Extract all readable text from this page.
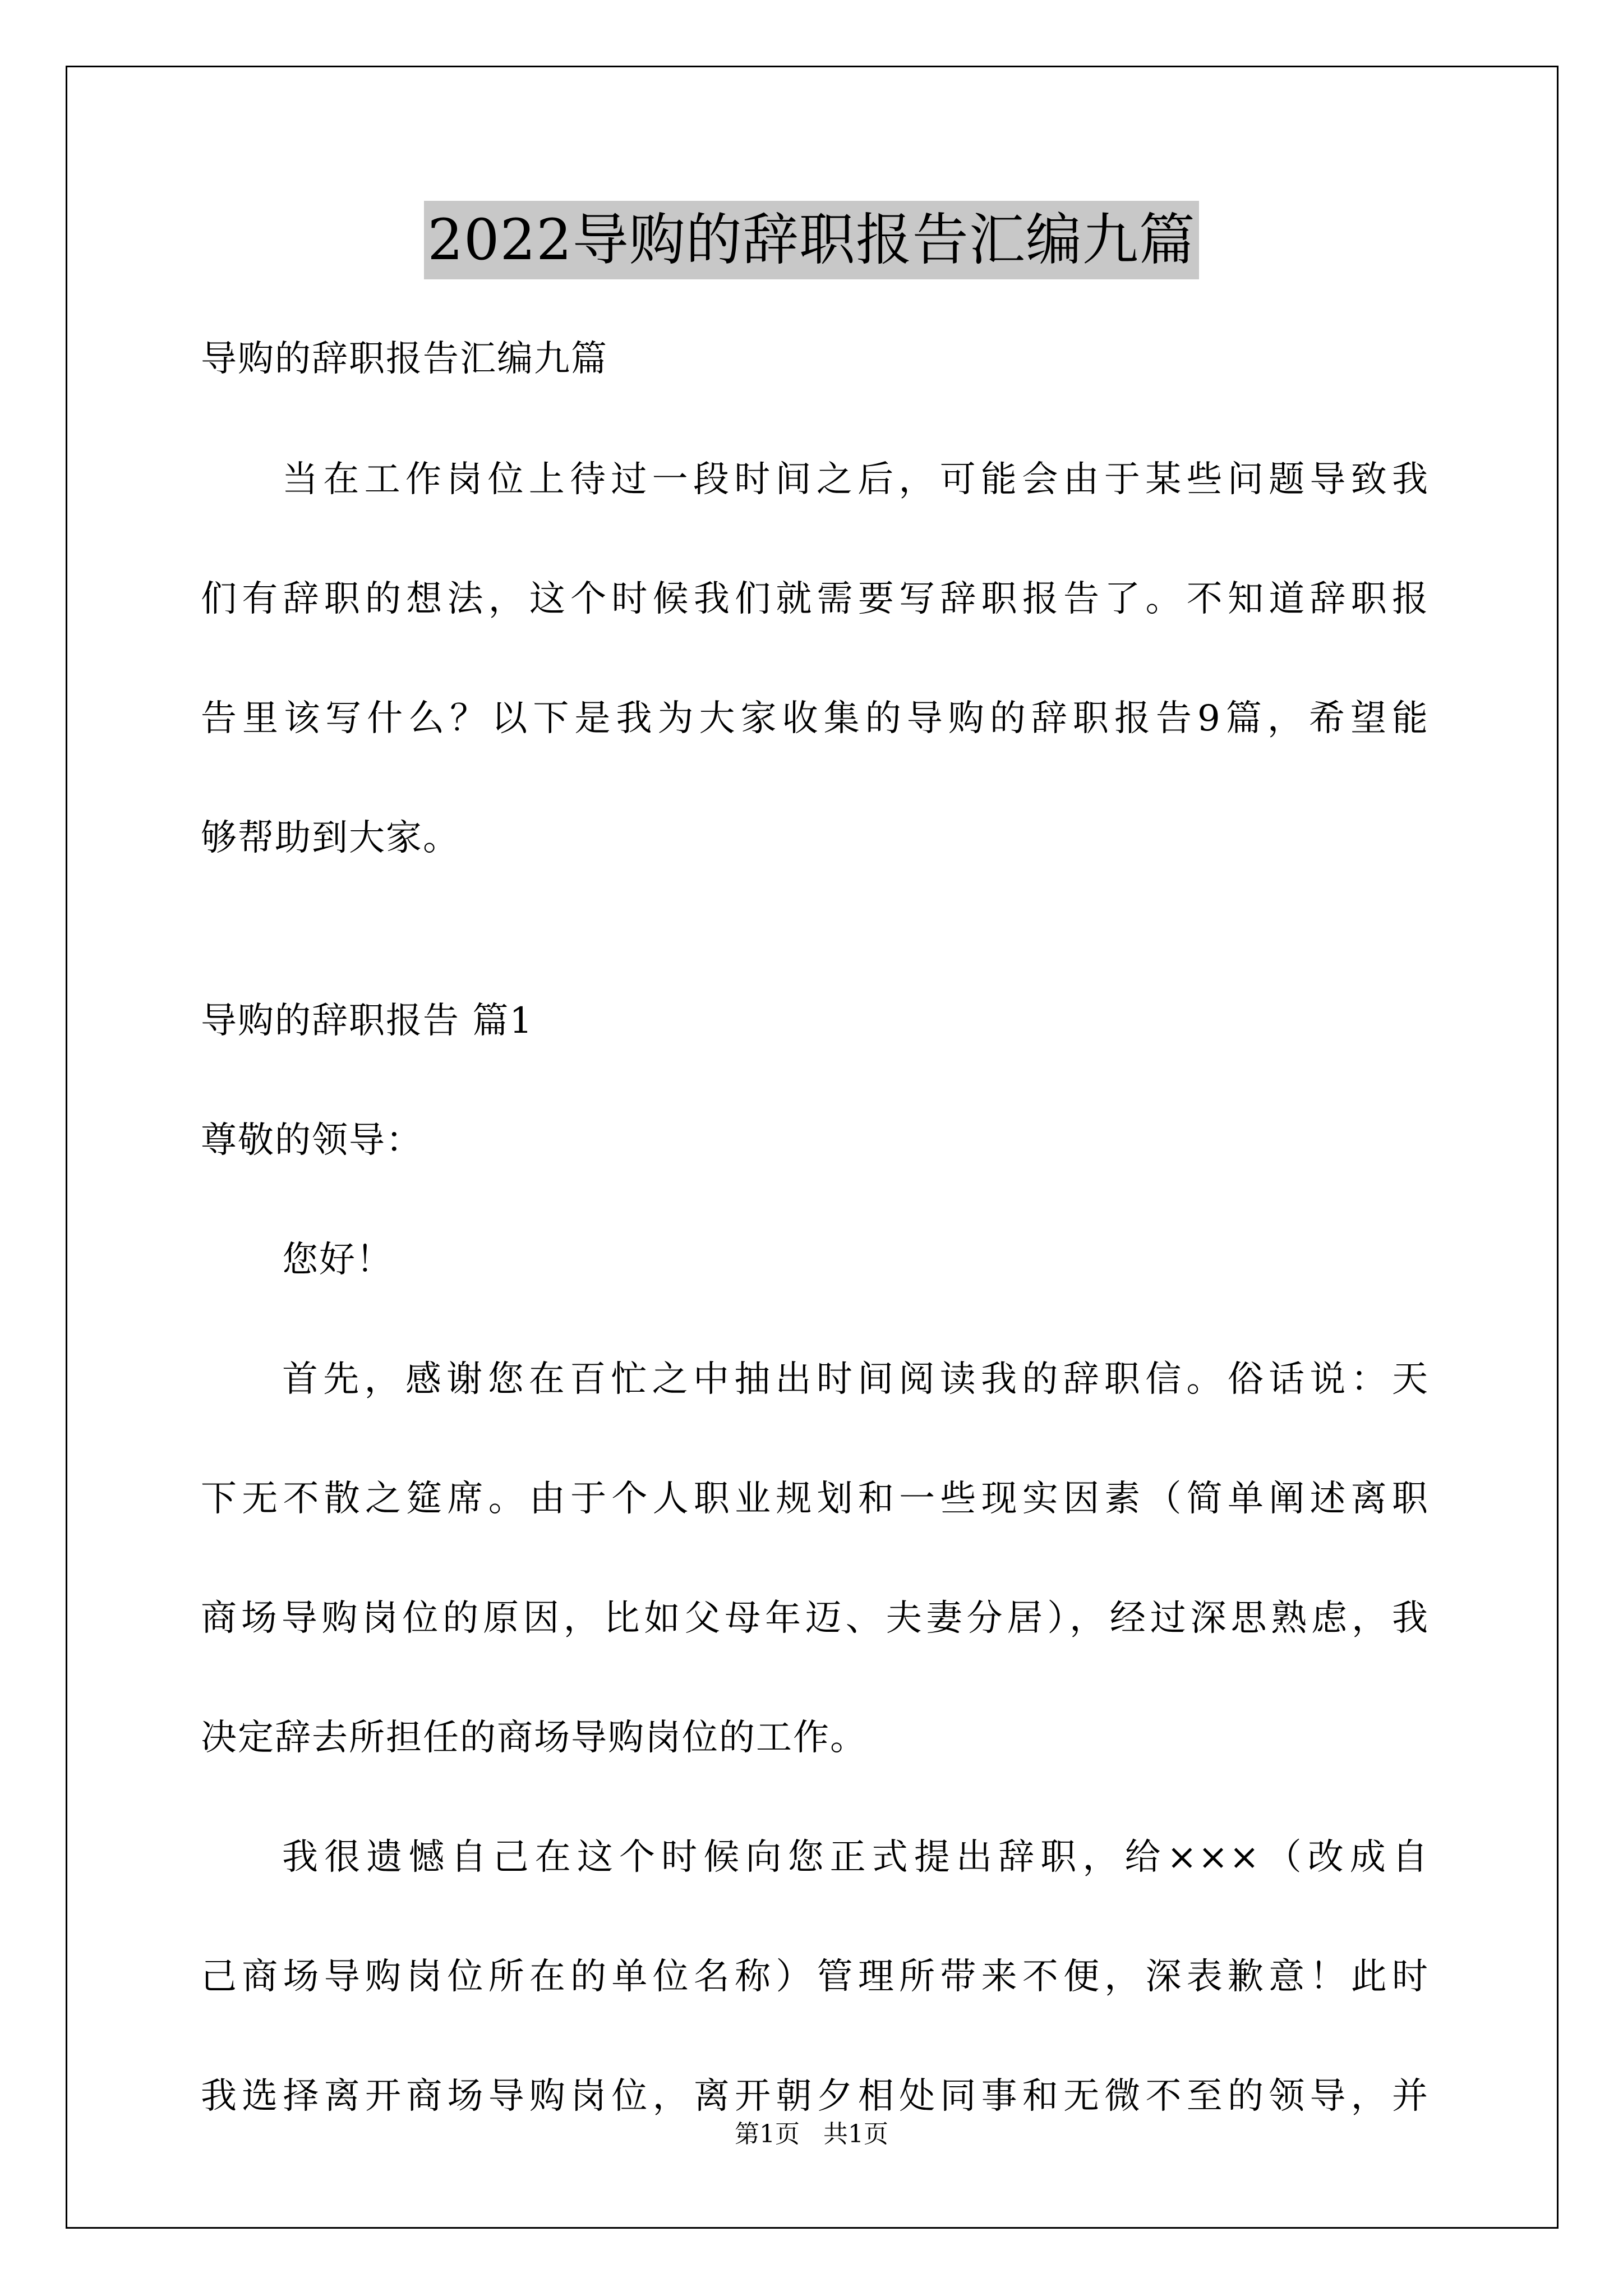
2022导购的辞职报告汇编九篇
导购的辞职报告汇编九篇
当在工作岗位上待过一段时间之后，可能会由于某些问题导致我
们有辞职的想法，这个时候我们就需要写辞职报告了。不知道辞职报
告里该写什么？以下是我为大家收集的导购的辞职报告9篇，希望能
够帮助到大家。
导购的辞职报告 篇1
尊敬的领导：
您好！
首先，感谢您在百忙之中抽出时间阅读我的辞职信。俗话说：天
下无不散之筵席。由于个人职业规划和一些现实因素（简单阐述离职
商场导购岗位的原因，比如父母年迈、夫妻分居），经过深思熟虑，我
决定辞去所担任的商场导购岗位的工作。
我很遗憾自己在这个时候向您正式提出辞职，给×××（改成自
己商场导购岗位所在的单位名称）管理所带来不便，深表歉意！此时
我选择离开商场导购岗位，离开朝夕相处同事和无微不至的领导，并
第1页   共1页
